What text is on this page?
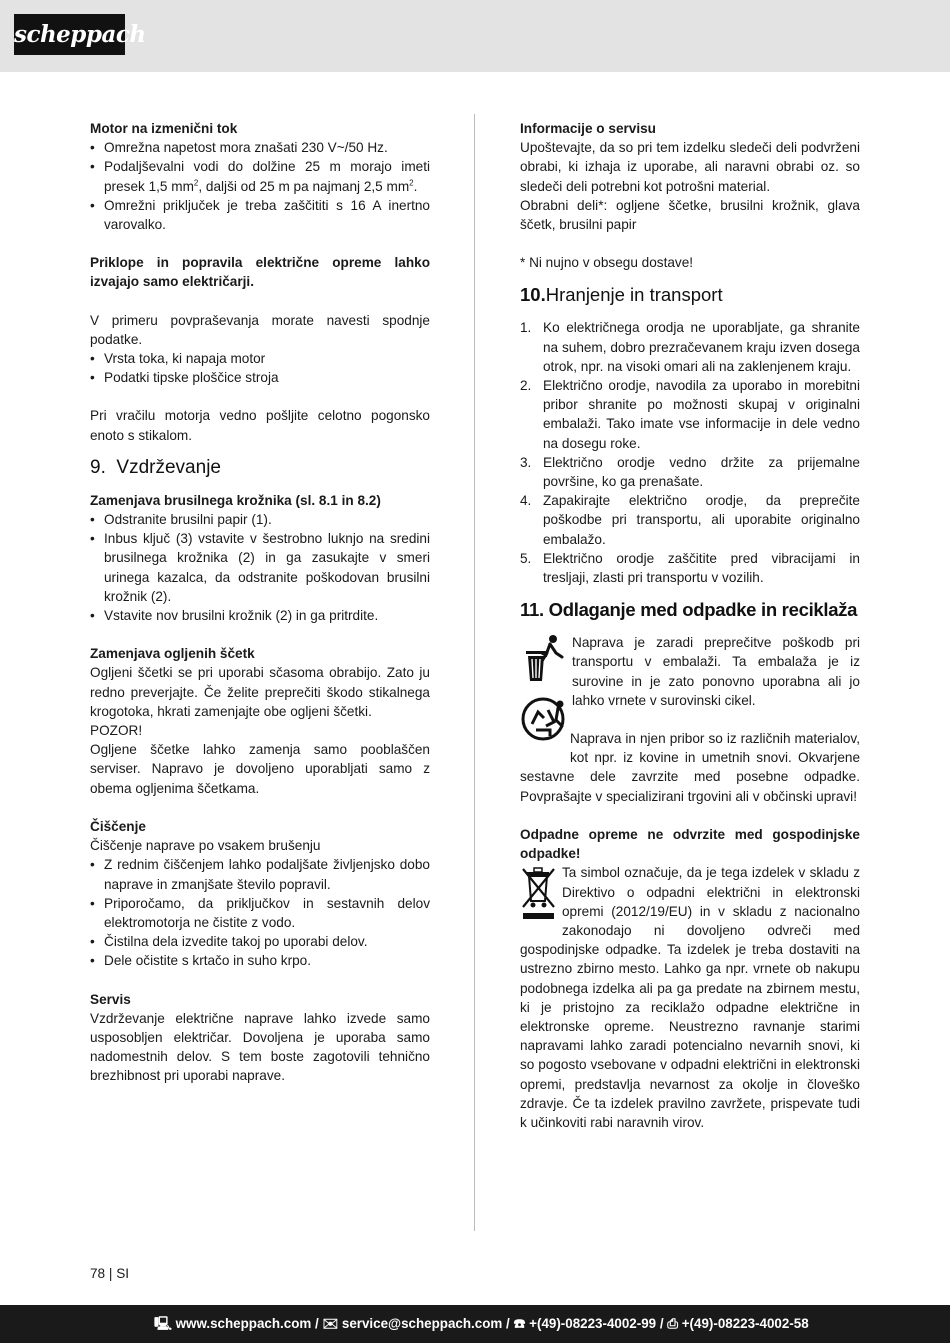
scheppach

Motor na izmenični tok

• Omrežna napetost mora znašati 230 V~/50 Hz.
• Podaljševalni vodi do dolžine 25 m morajo imeti presek 1,5 $mm^2$, daljši od 25 m pa najmanj 2,5 $mm^2$.
• Omrežni priključek je treba zaščititi s 16 A inertno varovalko.

Priklope in popravila električne opreme lahko izvajajo samo električarji.

V primeru povpraševanja morate navesti spodnje podatke.

• Vrsta toka, ki napaja motor
• Podatki tipske ploščice stroja

Pri vračilu motorja vedno pošljite celotno pogonsko enoto s stikalom.

9. Vzdrževanje

Zamenjava brusilnega krožnika (sl. 8.1 in 8.2)

• Odstranite brusilni papir (1).
• Inbus ključ (3) vstavite v šestrobno luknjo na sredini brusilnega krožnika (2) in ga zasukajte v smeri urinega kazalca, da odstranite poškodovan brusilni krožnik (2).
• Vstavite nov brusilni krožnik (2) in ga pritrdite.

Zamenjava ogljenih ščetk

Ogljeni ščetki se pri uporabi sčasoma obrabijo. Zato ju redno preverjajte. Če želite preprečiti škodo stikalnega krogotoka, hkrati zamenjajte obe ogljeni ščetki.

POZOR!

Ogljene ščetke lahko zamenja samo pooblaščen serviser. Napravo je dovoljeno uporabljati samo z obema ogljenima ščetkama.

Čiščenje

Čiščenje naprave po vsakem brušenju

• Z rednim čiščenjem lahko podaljšate življenjsko dobo naprave in zmanjšate število popravil.
• Priporočamo, da priključkov in sestavnih delov elektromotorja ne čistite z vodo.
• Čistilna dela izvedite takoj po uporabi delov.
• Dele očistite s krtačo in suho krpo.

Servis

Vzdrževanje električne naprave lahko izvede samo usposobljen električar. Dovoljena je uporaba samo nadomestnih delov. S tem boste zagotovili tehnično brezhibnost pri uporabi naprave.

Informacije o servisu

Upoštevajte, da so pri tem izdelku sledeči deli podvrženi obrabi, ki izhaja iz uporabe, ali naravni obrabi oz. so sledeči deli potrebni kot potrošni material.

Obrabni deli*: ogljene ščetke, brusilni krožnik, glava ščetk, brusilni papir

* Ni nujno v obsegu dostave!

10.Hranjenje in transport
1. Ko električnega orodja ne uporabljate, ga shranite na suhem, dobro prezračevanem kraju izven dosega otrok, npr. na visoki omari ali na zaklenjenem kraju.
2. Električno orodje, navodila za uporabo in morebitni pribor shranite po možnosti skupaj v originalni embalaži. Tako imate vse informacije in dele vedno na dosegu roke.
3. Električno orodje vedno držite za prijemalne površine, ko ga prenašate.
4. Zapakirajte električno orodje, da preprečite poškodbe pri transportu, ali uporabite originalno embalažo.
5. Električno orodje zaščitite pred vibracijami in tresljaji, zlasti pri transportu v vozilih.
11. Odlaganje med odpadke in reciklaža

Naprava je zaradi preprečitve poškodb pri transportu v embalaži. Ta embalaža je iz surovine in je zato ponovno uporabna ali jo lahko vrnete v surovinski cikel.

Naprava in njen pribor so iz različnih materialov, kot npr. iz kovine in umetnih snovi. Okvarjene sestavne dele zavrzite med posebne odpadke. Povprašajte v specializirani trgovini ali v občinski upravi!

Odpadne opreme ne odvrzite med gospodinjske odpadke!

Ta simbol označuje, da je tega izdelek v skladu z Direktivo o odpadni električni in elektronski opremi (2012/19/EU) in v skladu z nacionalno zakonodajo ni dovoljeno odvreči med gospodinjske odpadke. Ta izdelek je treba dostaviti na ustrezno zbirno mesto. Lahko ga npr. vrnete ob nakupu podobnega izdelka ali pa ga predate na zbirnem mestu, ki je pristojno za reciklažo odpadne električne in elektronske opreme. Neustrezno ravnanje starimi napravami lahko zaradi potencialno nevarnih snovi, ki so pogosto vsebovane v odpadni električni in elektronski opremi, predstavlja nevarnost za okolje in človeško zdravje. Če ta izdelek pravilno zavržete, prispevate tudi k učinkoviti rabi naravnih virov.

78 | SI
🖳 www.scheppach.com / ✉ service@scheppach.com / ☎ +(49)-08223-4002-99 / ⎙ +(49)-08223-4002-58
